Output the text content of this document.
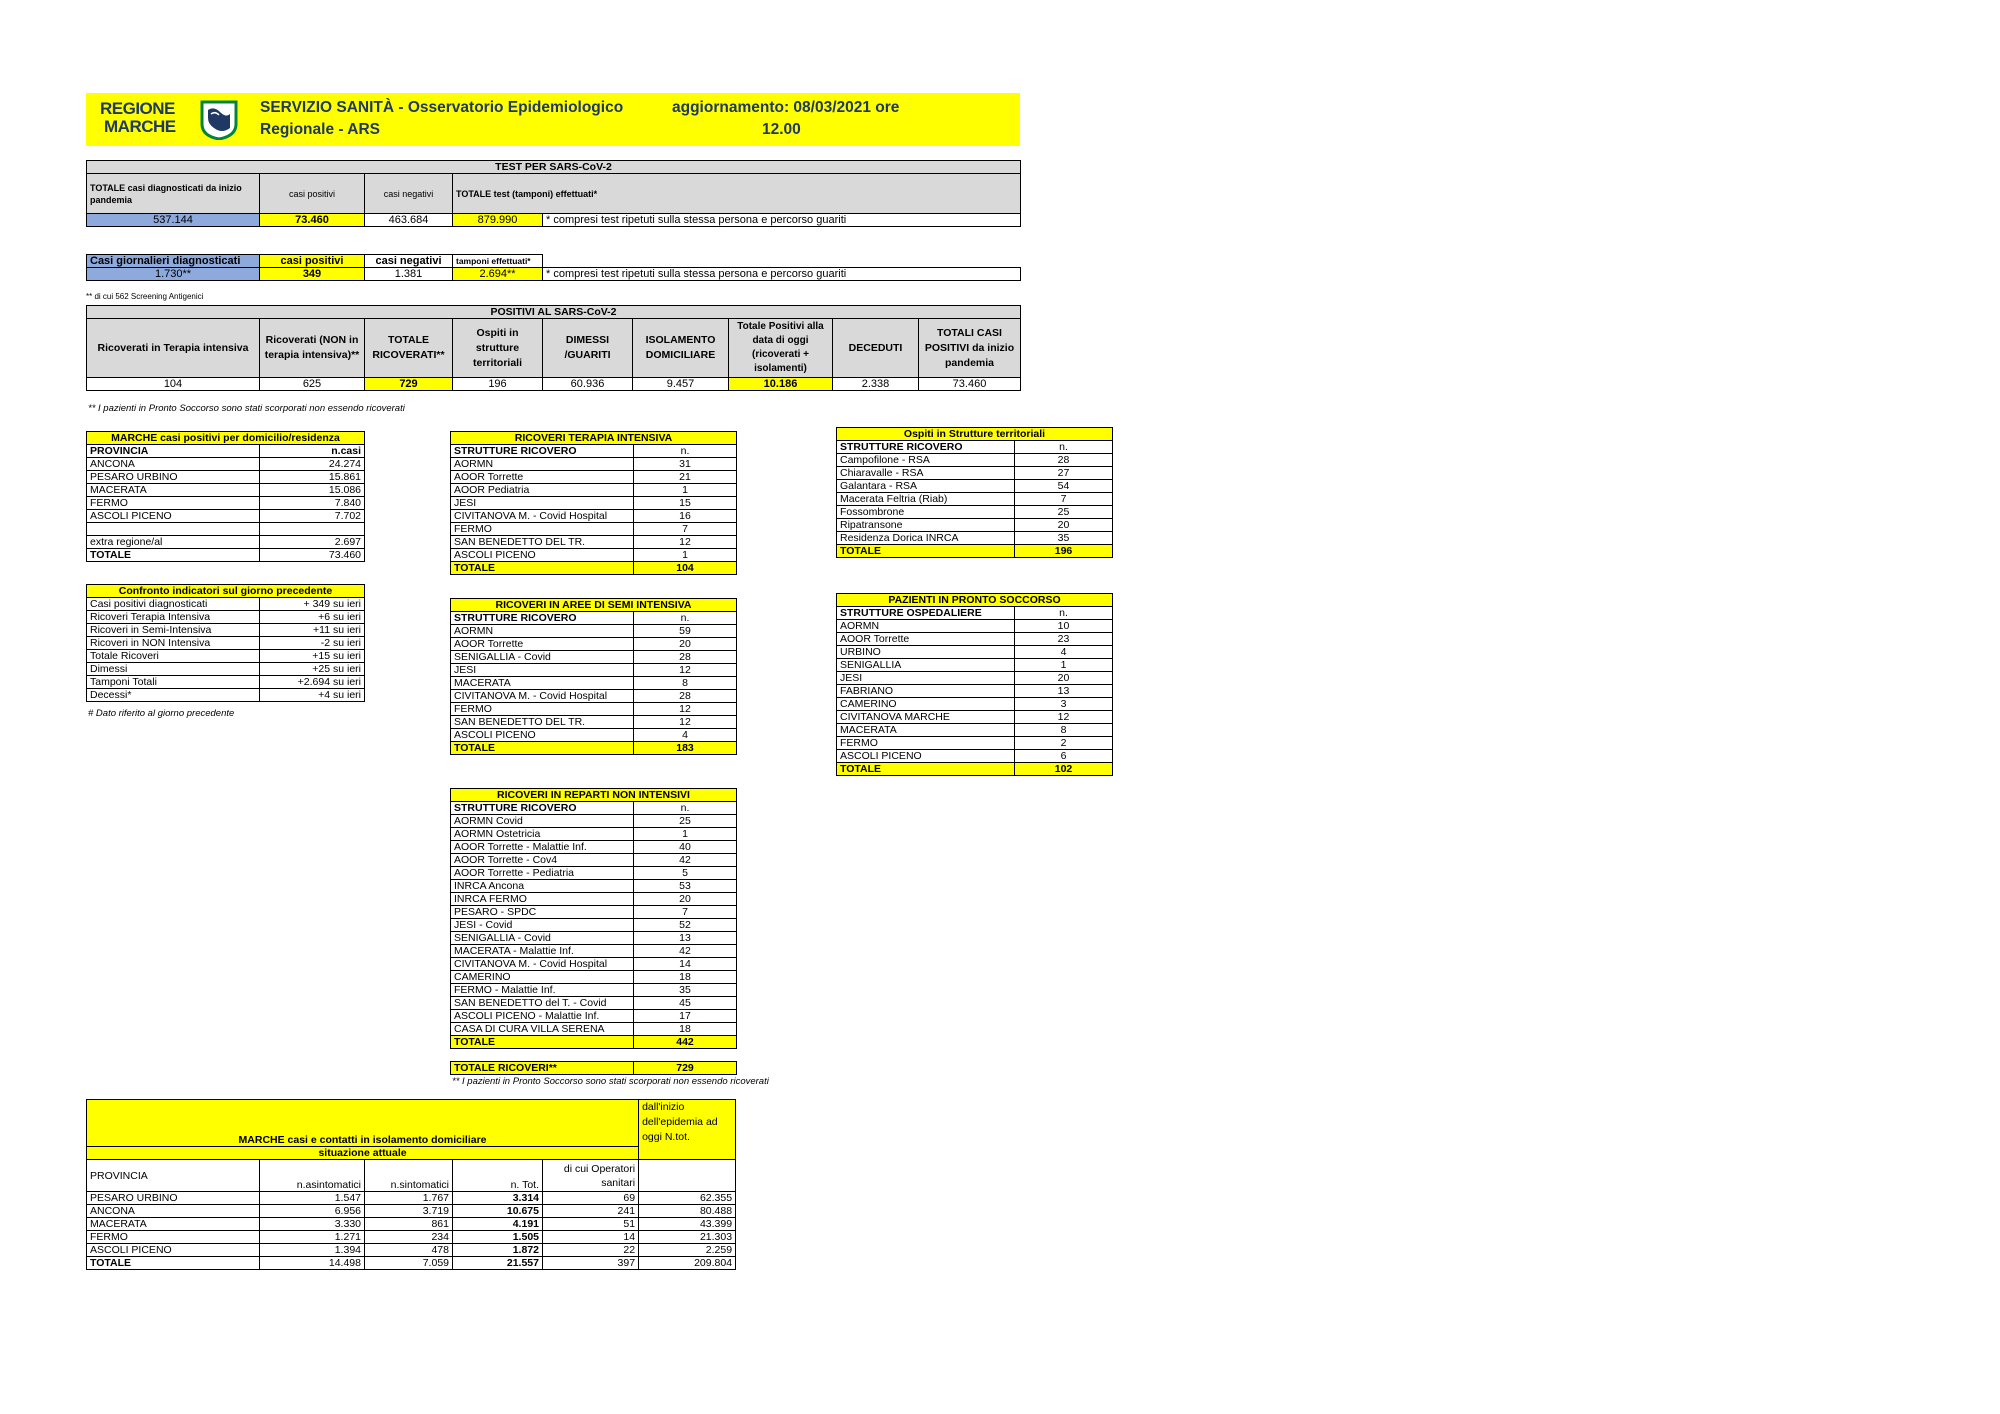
REGIONE
MARCHE
SERVIZIO SANITÀ - Osservatorio Epidemiologico
Regionale - ARS
aggiornamento: 08/03/2021 ore
12.00
TEST PER SARS-CoV-2				
TOTALE casi diagnosticati da inizio pandemia	casi positivi	casi negativi	TOTALE test (tamponi) effettuati*	
537.144	73.460	463.684	879.990	* compresi test ripetuti sulla stessa persona e percorso guariti
Casi giornalieri diagnosticati	casi positivi	casi negativi	tamponi effettuati*	
1.730**	349	1.381	2.694**	* compresi test ripetuti sulla stessa persona e percorso guariti
** di cui 562 Screening Antigenici
POSITIVI AL SARS-CoV-2								
Ricoverati in Terapia intensiva	Ricoverati (NON in terapia intensiva)**	TOTALE RICOVERATI**	Ospiti in strutture territoriali	DIMESSI /GUARITI	ISOLAMENTO DOMICILIARE	Totale Positivi alla data di oggi (ricoverati + isolamenti)	DECEDUTI	TOTALI CASI POSITIVI da inizio pandemia
104	625	729	196	60.936	9.457	10.186	2.338	73.460
** I pazienti in Pronto Soccorso sono stati scorporati non essendo ricoverati
MARCHE casi positivi per domicilio/residenza	
PROVINCIA	n.casi
ANCONA	24.274
PESARO URBINO	15.861
MACERATA	15.086
FERMO	7.840
ASCOLI PICENO	7.702

extra regione/al	2.697
TOTALE	73.460
Confronto indicatori sul giorno precedente	
Casi positivi diagnosticati	+ 349 su ieri
Ricoveri Terapia Intensiva	+6 su ieri
Ricoveri in Semi-Intensiva	+11 su ieri
Ricoveri in NON Intensiva	-2 su ieri
Totale Ricoveri	+15 su ieri
Dimessi	+25 su ieri
Tamponi Totali	+2.694 su ieri
Decessi*	+4 su ieri
# Dato riferito al giorno precedente
RICOVERI TERAPIA INTENSIVA	
STRUTTURE RICOVERO	n.
AORMN	31
AOOR Torrette	21
AOOR Pediatria	1
JESI	15
CIVITANOVA M. - Covid Hospital	16
FERMO	7
SAN BENEDETTO DEL TR.	12
ASCOLI PICENO	1
TOTALE	104
RICOVERI IN AREE DI SEMI INTENSIVA	
STRUTTURE RICOVERO	n.
AORMN	59
AOOR Torrette	20
SENIGALLIA - Covid	28
JESI	12
MACERATA	8
CIVITANOVA M. - Covid Hospital	28
FERMO	12
SAN BENEDETTO DEL TR.	12
ASCOLI PICENO	4
TOTALE	183
RICOVERI IN REPARTI NON INTENSIVI	
STRUTTURE RICOVERO	n.
AORMN Covid	25
AORMN Ostetricia	1
AOOR Torrette - Malattie Inf.	40
AOOR Torrette - Cov4	42
AOOR Torrette - Pediatria	5
INRCA Ancona	53
INRCA FERMO	20
PESARO - SPDC	7
JESI - Covid	52
SENIGALLIA - Covid	13
MACERATA - Malattie Inf.	42
CIVITANOVA M. - Covid Hospital	14
CAMERINO	18
FERMO - Malattie Inf.	35
SAN BENEDETTO del T. - Covid	45
ASCOLI PICENO - Malattie Inf.	17
CASA DI CURA VILLA SERENA	18
TOTALE	442
TOTALE RICOVERI**	729
** I pazienti in Pronto Soccorso sono stati scorporati non essendo ricoverati
Ospiti in Strutture territoriali	
STRUTTURE RICOVERO	n.
Campofilone - RSA	28
Chiaravalle - RSA	27
Galantara - RSA	54
Macerata Feltria (Riab)	7
Fossombrone	25
Ripatransone	20
Residenza Dorica INRCA	35
TOTALE	196
PAZIENTI IN PRONTO SOCCORSO	
STRUTTURE OSPEDALIERE	n.
AORMN	10
AOOR Torrette	23
URBINO	4
SENIGALLIA	1
JESI	20
FABRIANO	13
CAMERINO	3
CIVITANOVA MARCHE	12
MACERATA	8
FERMO	2
ASCOLI PICENO	6
TOTALE	102
MARCHE casi e contatti in isolamento domiciliare					dall'inizio dell'epidemia ad oggi N.tot.
situazione attuale					
PROVINCIA	n.asintomatici	n.sintomatici	n. Tot.	di cui Operatori sanitari	
PESARO URBINO	1.547	1.767	3.314	69	62.355
ANCONA	6.956	3.719	10.675	241	80.488
MACERATA	3.330	861	4.191	51	43.399
FERMO	1.271	234	1.505	14	21.303
ASCOLI PICENO	1.394	478	1.872	22	2.259
TOTALE	14.498	7.059	21.557	397	209.804
